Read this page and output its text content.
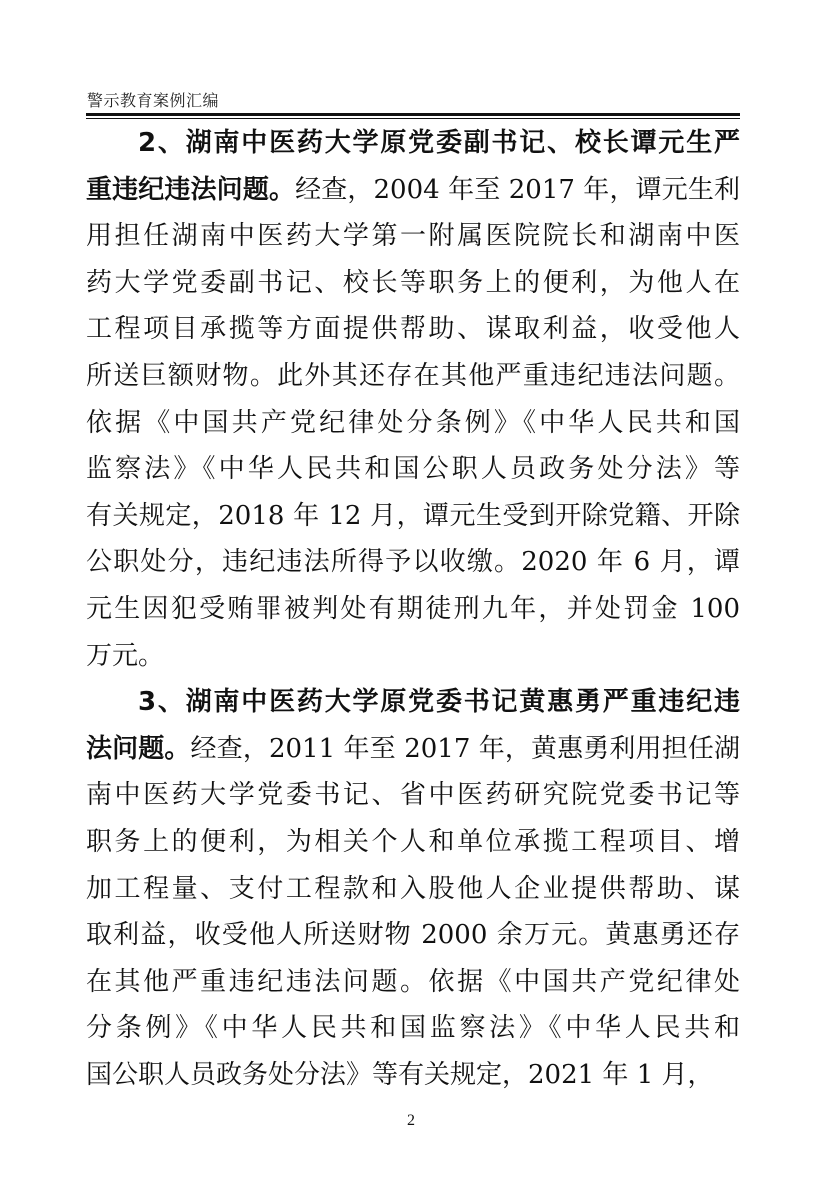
警示教育案例汇编
2、湖南中医药大学原党委副书记、校长谭元生严
重违纪违法问题。经查，2004 年至 2017 年，谭元生利
用担任湖南中医药大学第一附属医院院长和湖南中医
药大学党委副书记、校长等职务上的便利，为他人在
工程项目承揽等方面提供帮助、谋取利益，收受他人
所送巨额财物。此外其还存在其他严重违纪违法问题。
依据《中国共产党纪律处分条例》《中华人民共和国
监察法》《中华人民共和国公职人员政务处分法》等
有关规定，2018 年 12 月，谭元生受到开除党籍、开除
公职处分，违纪违法所得予以收缴。2020 年 6 月，谭
元生因犯受贿罪被判处有期徒刑九年，并处罚金 100
万元。
3、湖南中医药大学原党委书记黄惠勇严重违纪违
法问题。经查，2011 年至 2017 年，黄惠勇利用担任湖
南中医药大学党委书记、省中医药研究院党委书记等
职务上的便利，为相关个人和单位承揽工程项目、增
加工程量、支付工程款和入股他人企业提供帮助、谋
取利益，收受他人所送财物 2000 余万元。黄惠勇还存
在其他严重违纪违法问题。依据《中国共产党纪律处
分条例》《中华人民共和国监察法》《中华人民共和
国公职人员政务处分法》等有关规定，2021 年 1 月，
2
